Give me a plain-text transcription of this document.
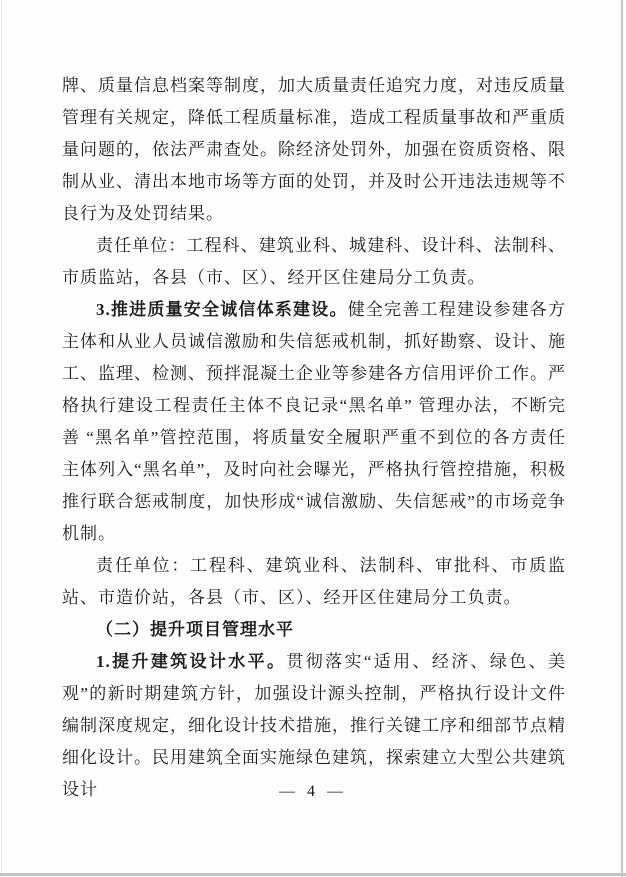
牌、质量信息档案等制度，加大质量责任追究力度，对违反质量管理有关规定，降低工程质量标准，造成工程质量事故和严重质量问题的，依法严肃查处。除经济处罚外，加强在资质资格、限制从业、清出本地市场等方面的处罚，并及时公开违法违规等不良行为及处罚结果。

责任单位：工程科、建筑业科、城建科、设计科、法制科、市质监站，各县（市、区）、经开区住建局分工负责。

3.推进质量安全诚信体系建设。健全完善工程建设参建各方主体和从业人员诚信激励和失信惩戒机制，抓好勘察、设计、施工、监理、检测、预拌混凝土企业等参建各方信用评价工作。严格执行建设工程责任主体不良记录“黑名单” 管理办法，不断完善 “黑名单”管控范围，将质量安全履职严重不到位的各方责任主体列入“黑名单”，及时向社会曝光，严格执行管控措施，积极推行联合惩戒制度，加快形成“诚信激励、失信惩戒”的市场竞争机制。

责任单位：工程科、建筑业科、法制科、审批科、市质监站、市造价站，各县（市、区）、经开区住建局分工负责。

（二）提升项目管理水平

1.提升建筑设计水平。贯彻落实“适用、经济、绿色、美观”的新时期建筑方针，加强设计源头控制，严格执行设计文件编制深度规定，细化设计技术措施，推行关键工序和细部节点精细化设计。民用建筑全面实施绿色建筑，探索建立大型公共建筑设计	— 4 —
